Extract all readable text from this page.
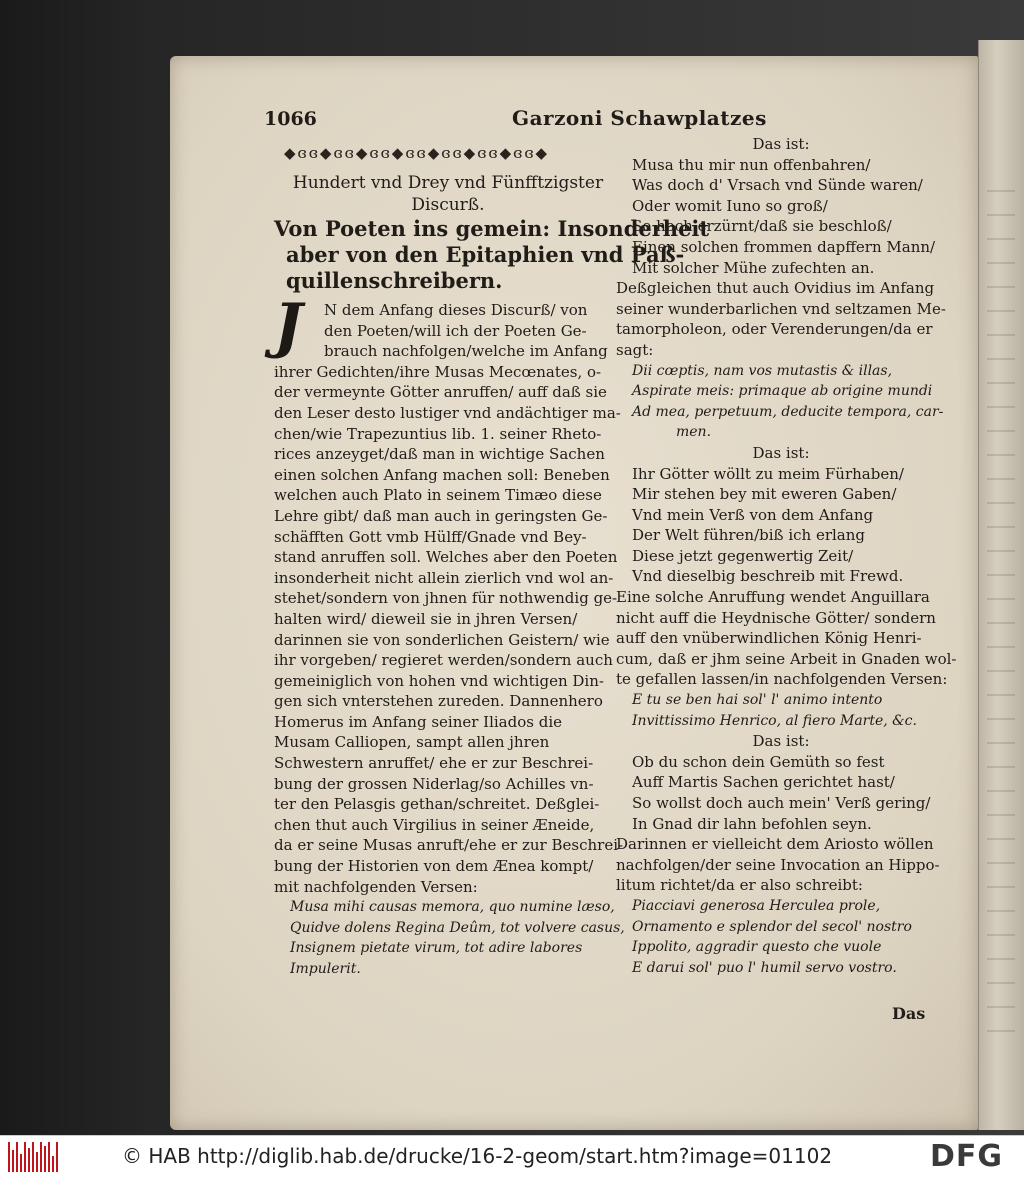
1066	Garzoni Schawplatzes
◆ɞɞ◆ɞɞ◆ɞɞ◆ɞɞ◆ɞɞ◆ɞɞ◆ɞɞ◆
Hundert vnd Drey vnd Fünfftzigster
Discurß.
Von Poeten ins gemein: Insonderheit
aber von den Epitaphien vnd Paß-
quillenschreibern.
J	N dem Anfang dieses Discurß/ von
den Poeten/will ich der Poeten Ge-
brauch nachfolgen/welche im Anfang
ihrer Gedichten/ihre Musas Mecœnates, o-
der vermeynte Götter anruffen/ auff daß sie
den Leser desto lustiger vnd andächtiger ma-
chen/wie Trapezuntius lib. 1. seiner Rheto-
rices anzeyget/daß man in wichtige Sachen
einen solchen Anfang machen soll: Beneben
welchen auch Plato in seinem Timæo diese
Lehre gibt/ daß man auch in geringsten Ge-
schäfften Gott vmb Hülff/Gnade vnd Bey-
stand anruffen soll. Welches aber den Poeten
insonderheit nicht allein zierlich vnd wol an-
stehet/sondern von jhnen für nothwendig ge-
halten wird/ dieweil sie in jhren Versen/
darinnen sie von sonderlichen Geistern/ wie
ihr vorgeben/ regieret werden/sondern auch
gemeiniglich von hohen vnd wichtigen Din-
gen sich vnterstehen zureden. Dannenhero
Homerus im Anfang seiner Iliados die
Musam Calliopen, sampt allen jhren
Schwestern anruffet/ ehe er zur Beschrei-
bung der grossen Niderlag/so Achilles vn-
ter den Pelasgis gethan/schreitet. Deßglei-
chen thut auch Virgilius in seiner Æneide,
da er seine Musas anruft/ehe er zur Beschrei-
bung der Historien von dem Ænea kompt/
mit nachfolgenden Versen:
Musa mihi causas memora, quo numine læso,
Quidve dolens Regina Deûm, tot volvere casus,
Insignem pietate virum, tot adire labores
Impulerit.
Das ist:
Musa thu mir nun offenbahren/
Was doch d' Vrsach vnd Sünde waren/
Oder womit Iuno so groß/
So hoch erzürnt/daß sie beschloß/
Einen solchen frommen dapffern Mann/
Mit solcher Mühe zufechten an.
Deßgleichen thut auch Ovidius im Anfang
seiner wunderbarlichen vnd seltzamen Me-
tamorpholeon, oder Verenderungen/da er
sagt:
Dii cœptis, nam vos mutastis & illas,
Aspirate meis: primaque ab origine mundi
Ad mea, perpetuum, deducite tempora, car-
men.
Das ist:
Ihr Götter wöllt zu meim Fürhaben/
Mir stehen bey mit eweren Gaben/
Vnd mein Verß von dem Anfang
Der Welt führen/biß ich erlang
Diese jetzt gegenwertig Zeit/
Vnd dieselbig beschreib mit Frewd.
Eine solche Anruffung wendet Anguillara
nicht auff die Heydnische Götter/ sondern
auff den vnüberwindlichen König Henri-
cum, daß er jhm seine Arbeit in Gnaden wol-
te gefallen lassen/in nachfolgenden Versen:
E tu se ben hai sol' l' animo intento
Invittissimo Henrico, al fiero Marte, &c.
Das ist:
Ob du schon dein Gemüth so fest
Auff Martis Sachen gerichtet hast/
So wollst doch auch mein' Verß gering/
In Gnad dir lahn befohlen seyn.
Darinnen er vielleicht dem Ariosto wöllen
nachfolgen/der seine Invocation an Hippo-
litum richtet/da er also schreibt:
Piacciavi generosa Herculea prole,
Ornamento e splendor del secol' nostro
Ippolito, aggradir questo che vuole
E darui sol' puo l' humil servo vostro.
Das
© HAB http://diglib.hab.de/drucke/16-2-geom/start.htm?image=01102	DFG
